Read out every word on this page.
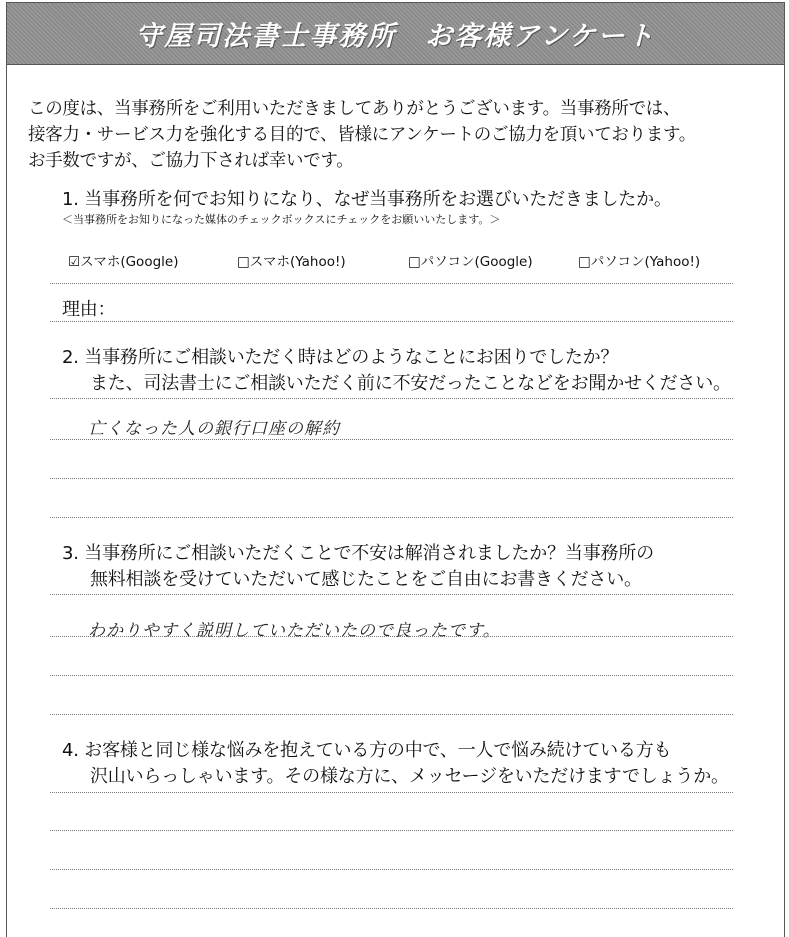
守屋司法書士事務所　お客様アンケート
この度は、当事務所をご利用いただきましてありがとうございます。当事務所では、
接客力・サービス力を強化する目的で、皆様にアンケートのご協力を頂いております。
お手数ですが、ご協力下されば幸いです。
1. 当事務所を何でお知りになり、なぜ当事務所をお選びいただきましたか。
＜当事務所をお知りになった媒体のチェックボックスにチェックをお願いいたします。＞
☑スマホ(Google)	□スマホ(Yahoo!)	□パソコン(Google)	□パソコン(Yahoo!)
理由：
2. 当事務所にご相談いただく時はどのようなことにお困りでしたか？
また、司法書士にご相談いただく前に不安だったことなどをお聞かせください。
亡くなった人の銀行口座の解約
3. 当事務所にご相談いただくことで不安は解消されましたか？当事務所の
無料相談を受けていただいて感じたことをご自由にお書きください。
わかりやすく説明していただいたので良ったです。
4. お客様と同じ様な悩みを抱えている方の中で、一人で悩み続けている方も
沢山いらっしゃいます。その様な方に、メッセージをいただけますでしょうか。
